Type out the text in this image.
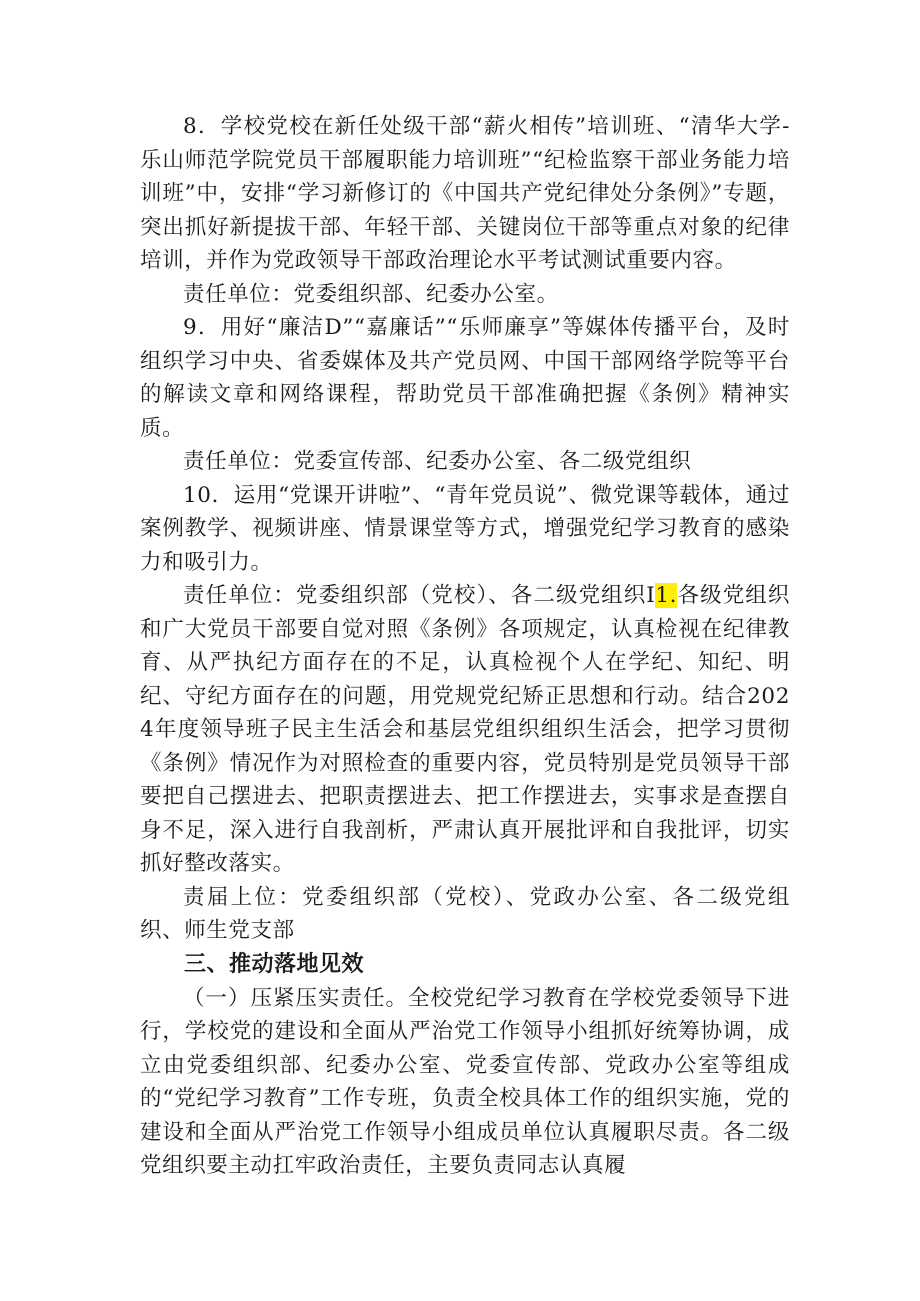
8．学校党校在新任处级干部“薪火相传”培训班、“清华大学-乐山师范学院党员干部履职能力培训班”“纪检监察干部业务能力培训班”中，安排“学习新修订的《中国共产党纪律处分条例》”专题，突出抓好新提拔干部、年轻干部、关键岗位干部等重点对象的纪律培训，并作为党政领导干部政治理论水平考试测试重要内容。

责任单位：党委组织部、纪委办公室。

9．用好“廉洁D”“嘉廉话”“乐师廉享”等媒体传播平台，及时组织学习中央、省委媒体及共产党员网、中国干部网络学院等平台的解读文章和网络课程，帮助党员干部准确把握《条例》精神实质。

责任单位：党委宣传部、纪委办公室、各二级党组织

10．运用“党课开讲啦”、“青年党员说”、微党课等载体，通过案例教学、视频讲座、情景课堂等方式，增强党纪学习教育的感染力和吸引力。

责任单位：党委组织部（党校）、各二级党组织I1.各级党组织和广大党员干部要自觉对照《条例》各项规定，认真检视在纪律教育、从严执纪方面存在的不足，认真检视个人在学纪、知纪、明纪、守纪方面存在的问题，用党规党纪矫正思想和行动。结合2024年度领导班子民主生活会和基层党组织组织生活会，把学习贯彻《条例》情况作为对照检查的重要内容，党员特别是党员领导干部要把自己摆进去、把职责摆进去、把工作摆进去，实事求是查摆自身不足，深入进行自我剖析，严肃认真开展批评和自我批评，切实抓好整改落实。

责届上位：党委组织部（党校）、党政办公室、各二级党组织、师生党支部

三、推动落地见效

（一）压紧压实责任。全校党纪学习教育在学校党委领导下进行，学校党的建设和全面从严治党工作领导小组抓好统筹协调，成立由党委组织部、纪委办公室、党委宣传部、党政办公室等组成的“党纪学习教育”工作专班，负责全校具体工作的组织实施，党的建设和全面从严治党工作领导小组成员单位认真履职尽责。各二级党组织要主动扛牢政治责任，主要负责同志认真履
